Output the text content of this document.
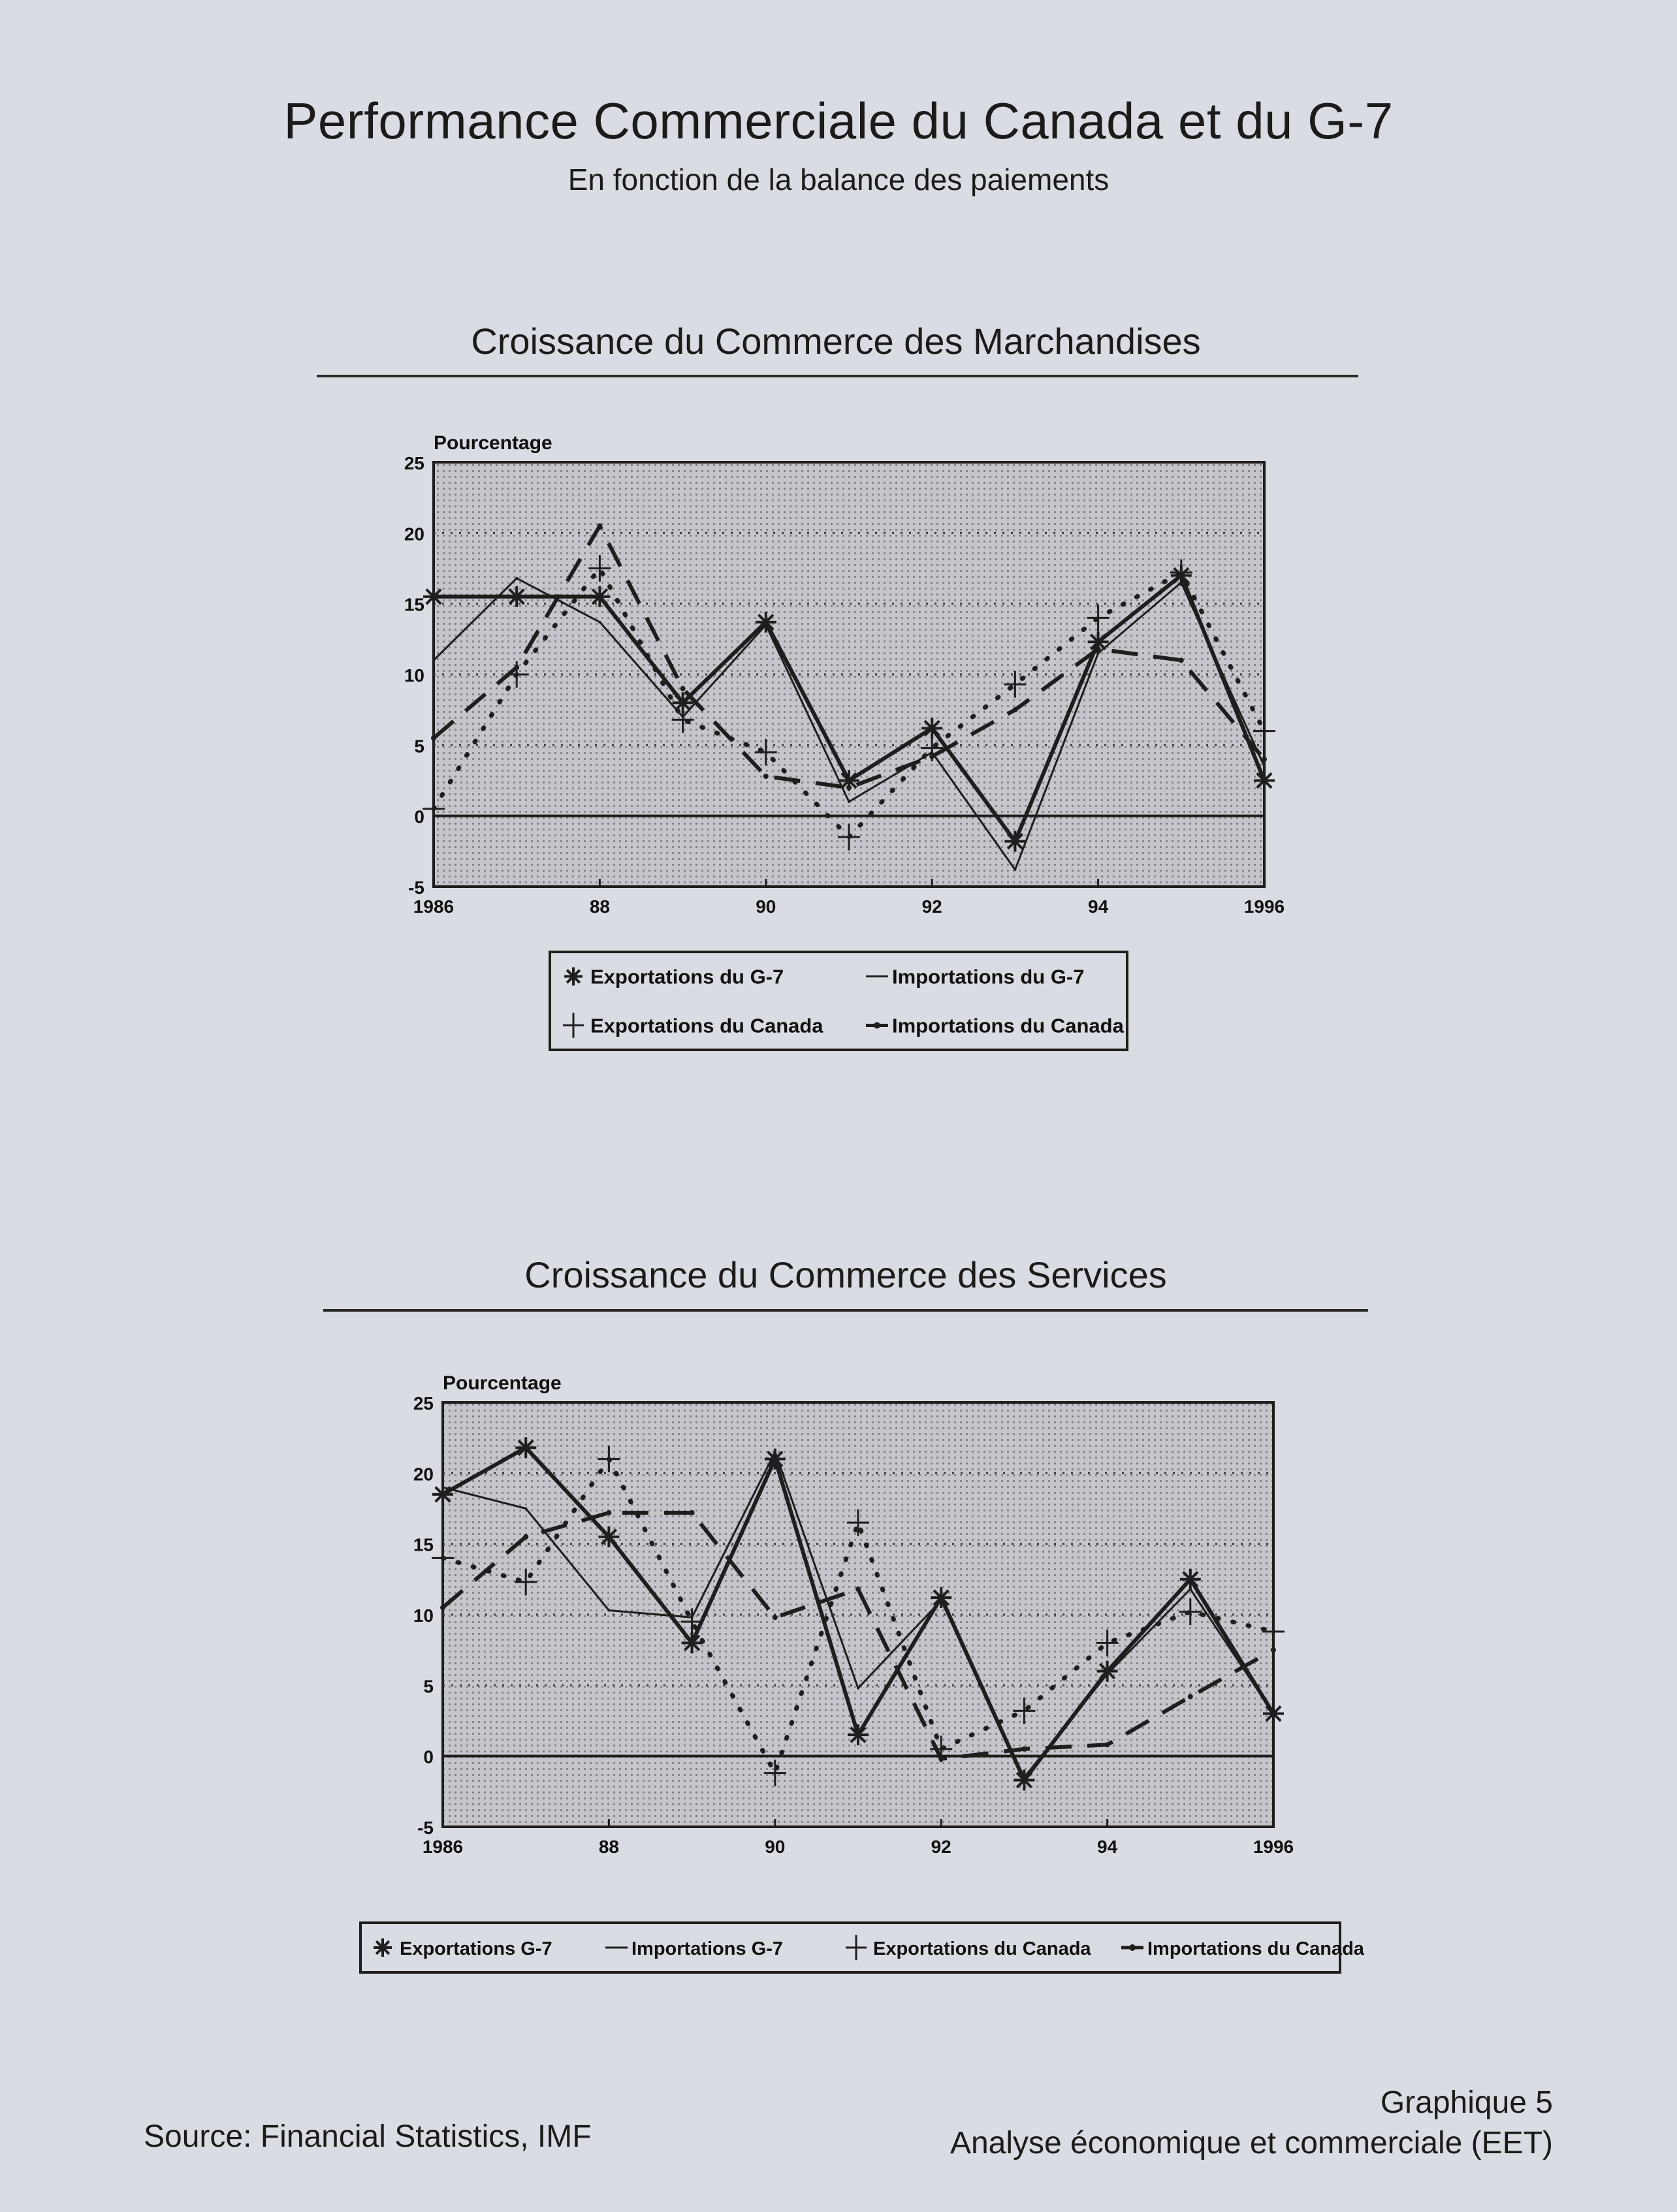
Performance Commerciale du Canada et du G-7
En fonction de la balance des paiements
Croissance du Commerce des Marchandises
-5
0
5
10
15
20
25
1986	88	90	92	94	1996
Pourcentage
Exportations du G-7	Importations du G-7
Exportations du Canada	Importations du Canada
Croissance du Commerce des Services
-5
0
5
10
15
20
25
1986	88	90	92	94	1996
Pourcentage
Exportations G-7	Importations G-7	Exportations du Canada	Importations du Canada
Source: Financial Statistics, IMF
Graphique 5
Analyse économique et commerciale (EET)
